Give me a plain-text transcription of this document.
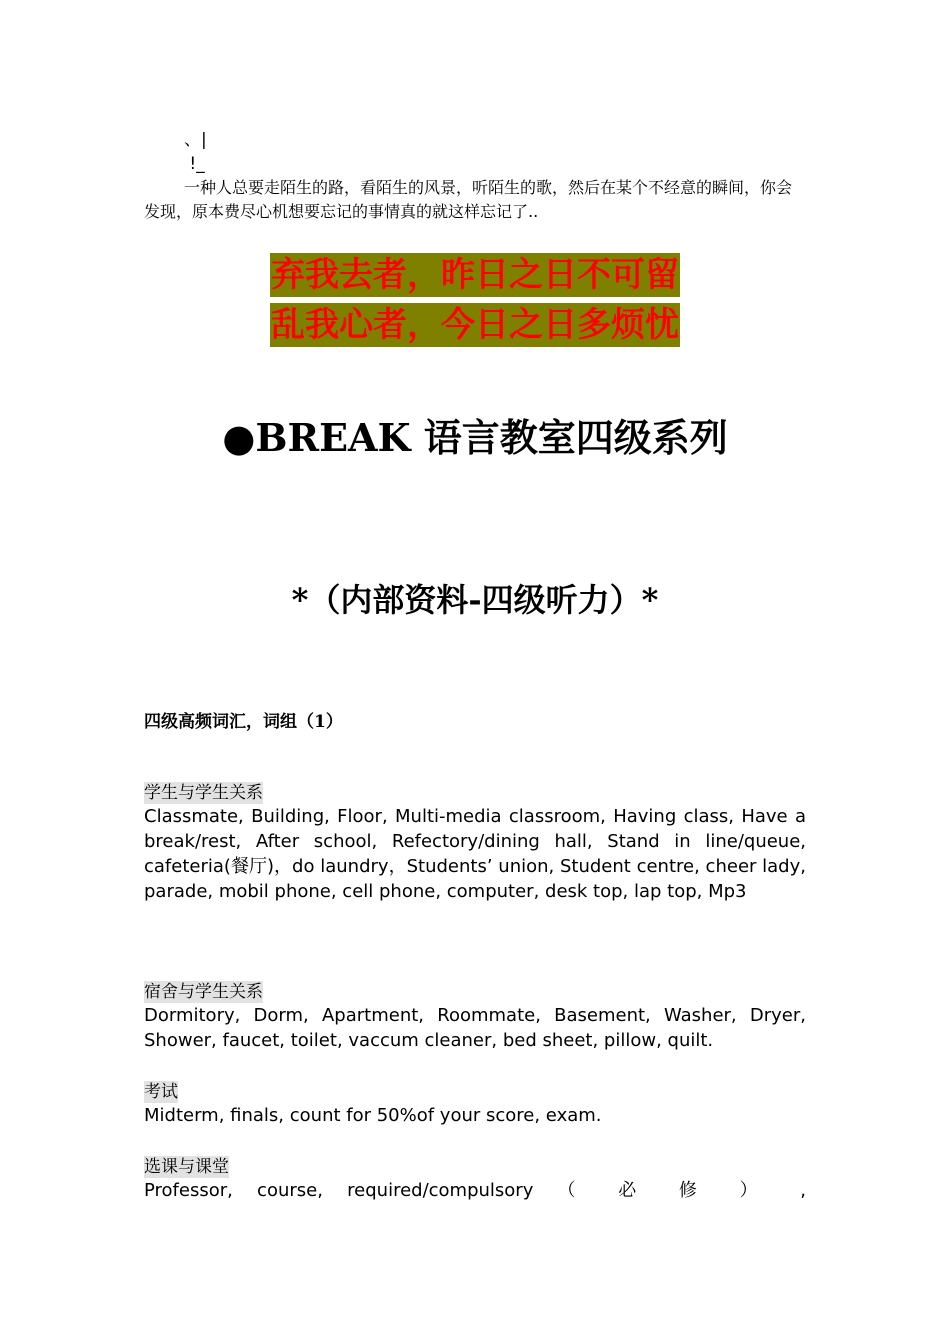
、|
!_

一种人总要走陌生的路，看陌生的风景，听陌生的歌，然后在某个不经意的瞬间，你会发现，原本费尽心机想要忘记的事情真的就这样忘记了..

弃我去者，昨日之日不可留
乱我心者，今日之日多烦忧
●BREAK 语言教室四级系列
*（内部资料-四级听力）*
四级高频词汇，词组（1）
学生与学生关系

Classmate, Building, Floor, Multi-media classroom, Having class, Have a break/rest, After school, Refectory/dining hall, Stand in line/queue, cafeteria(餐厅)，do laundry，Students’ union, Student centre, cheer lady, parade, mobil phone, cell phone, computer, desk top, lap top, Mp3

宿舍与学生关系

Dormitory, Dorm, Apartment, Roommate, Basement, Washer, Dryer, Shower, faucet, toilet, vaccum cleaner, bed sheet, pillow, quilt.

考试

Midterm, finals, count for 50%of your score, exam.

选课与课堂

Professor, course, required/compulsory （ 必 修 ） ,
